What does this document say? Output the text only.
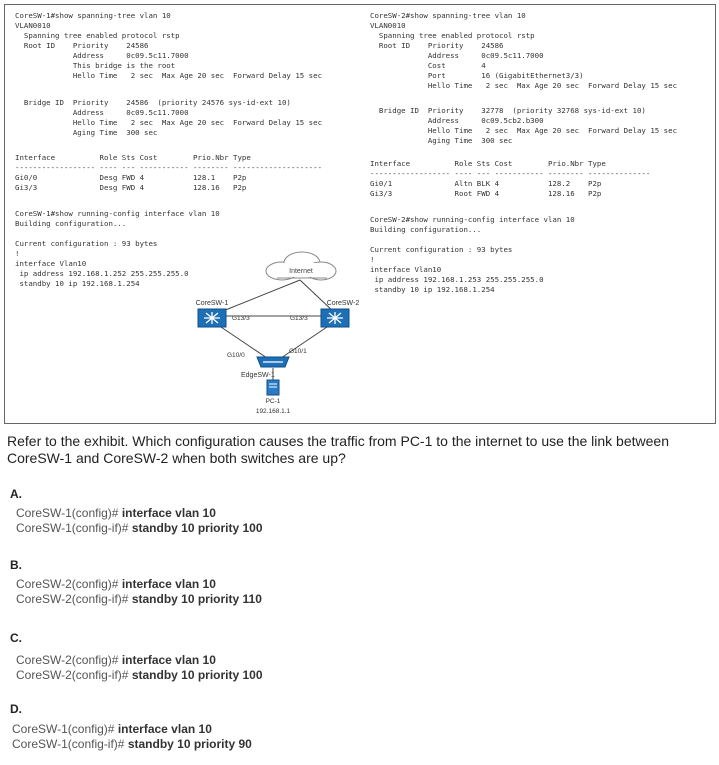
CoreSW-1#show spanning-tree vlan 10
VLAN0010
Spanning tree enabled protocol rstp
Root ID    Priority    24586
Address     0c09.5c11.7000
This bridge is the root
Hello Time   2 sec  Max Age 20 sec  Forward Delay 15 sec
Bridge ID  Priority    24586  (priority 24576 sys-id-ext 10)
Address     0c09.5c11.7000
Hello Time   2 sec  Max Age 20 sec  Forward Delay 15 sec
Aging Time  300 sec
Interface          Role Sts Cost        Prio.Nbr Type
------------------ ---- --- ----------- -------- --------------------
Gi0/0              Desg FWD 4           128.1    P2p
Gi3/3              Desg FWD 4           128.16   P2p
CoreSW-1#show running-config interface vlan 10
Building configuration...

Current configuration : 93 bytes
!
interface Vlan10
ip address 192.168.1.252 255.255.255.0
standby 10 ip 192.168.1.254
CoreSW-2#show spanning-tree vlan 10
VLAN0010
Spanning tree enabled protocol rstp
Root ID    Priority    24586
Address     0c09.5c11.7000
Cost        4
Port        16 (GigabitEthernet3/3)
Hello Time   2 sec  Max Age 20 sec  Forward Delay 15 sec
Bridge ID  Priority    32778  (priority 32768 sys-id-ext 10)
Address     0c09.5cb2.b300
Hello Time   2 sec  Max Age 20 sec  Forward Delay 15 sec
Aging Time  300 sec
Interface          Role Sts Cost        Prio.Nbr Type
------------------ ---- --- ----------- -------- --------------
Gi0/1              Altn BLK 4           128.2    P2p
Gi3/3              Root FWD 4           128.16   P2p
CoreSW-2#show running-config interface vlan 10
Building configuration...

Current configuration : 93 bytes
!
interface Vlan10
ip address 192.168.1.253 255.255.255.0
standby 10 ip 192.168.1.254
Internet
CoreSW-1
G13/3
CoreSW-2
G13/3
G10/0
G10/1
EdgeSW-1
PC-1
192.168.1.1
Refer to the exhibit. Which configuration causes the traffic from PC-1 to the internet to use the link between CoreSW-1 and CoreSW-2 when both switches are up?
A.
CoreSW-1(config)# interface vlan 10
CoreSW-1(config-if)# standby 10 priority 100
B.
CoreSW-2(config)# interface vlan 10
CoreSW-2(config-if)# standby 10 priority 110
C.
CoreSW-2(config)# interface vlan 10
CoreSW-2(config-if)# standby 10 priority 100
D.
CoreSW-1(config)# interface vlan 10
CoreSW-1(config-if)# standby 10 priority 90
